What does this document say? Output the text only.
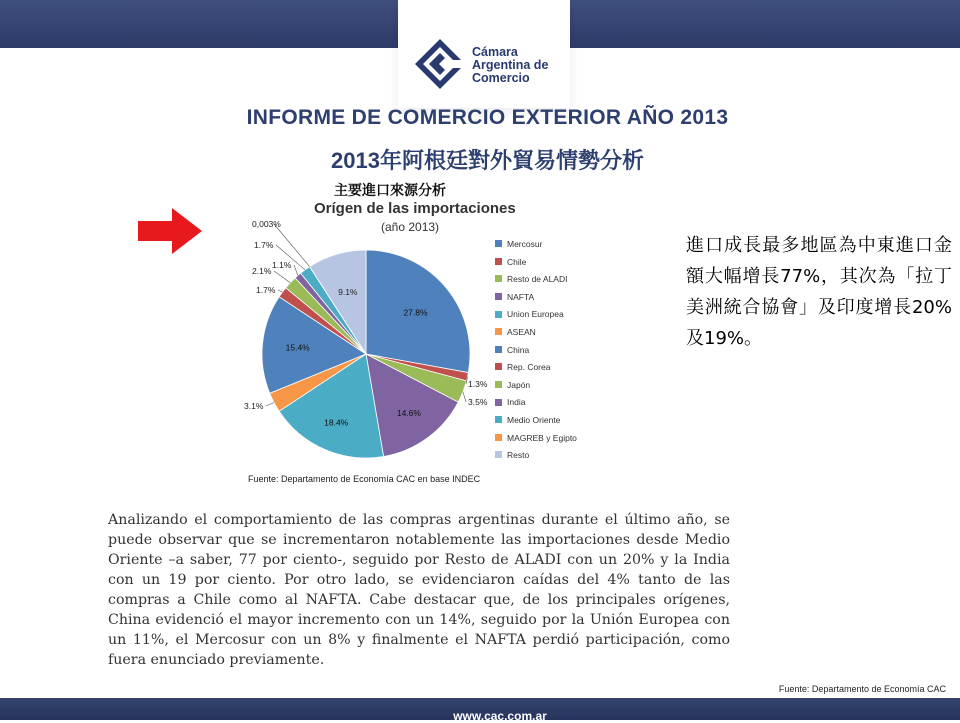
Cámara
Argentina de
Comercio
INFORME DE COMERCIO EXTERIOR AÑO 2013
2013年阿根廷對外貿易情勢分析
27.8%
1.3%
3.5%
14.6%
18.4%
3.1%
15.4%
1.7%
2.1%
1.1%
1.7%
0,003%
9.1%
主要進口來源分析
Orígen de las importaciones
(año 2013)
Mercosur
Chile
Resto de ALADI
NAFTA
Union Europea
ASEAN
China
Rep. Corea
Japón
India
Medio Oriente
MAGREB y Egipto
Resto
Fuente: Departamento de Economía CAC en base INDEC
進口成長最多地區為中東進口金額大幅增長77%，其次為「拉丁美洲統合協會」及印度增長20%及19%。
Analizando el comportamiento de las compras argentinas durante el último año, se puede observar que se incrementaron notablemente las importaciones desde Medio Oriente –a saber, 77 por ciento-, seguido por Resto de ALADI con un 20% y la India con un 19 por ciento. Por otro lado, se evidenciaron caídas del 4% tanto de las compras a Chile como al NAFTA. Cabe destacar que, de los principales orígenes, China evidenció el mayor incremento con un 14%, seguido por la Unión Europea con un 11%, el Mercosur con un 8% y finalmente el NAFTA perdió participación, como fuera enunciado previamente.
Fuente: Departamento de Economía CAC
www.cac.com.ar
